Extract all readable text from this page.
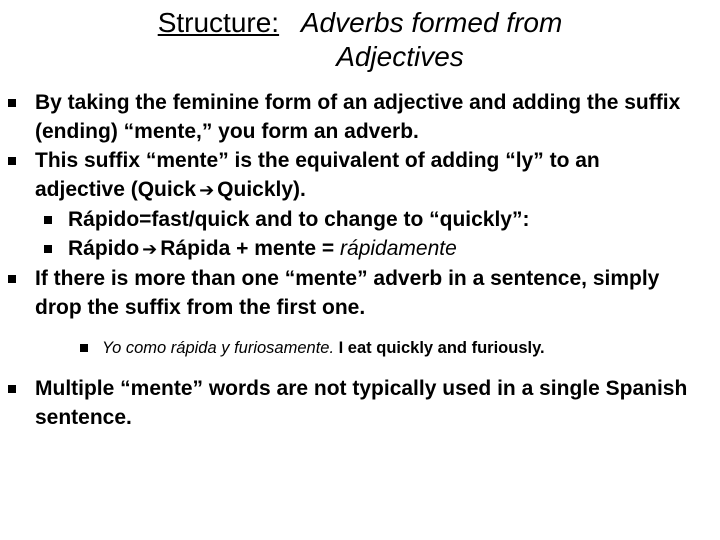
Structure: Adverbs formed from
Adjectives
By taking the feminine form of an adjective and adding the suffix (ending) “mente,” you form an adverb.
This suffix “mente” is the equivalent of adding “ly” to an adjective (Quick ➔ Quickly).
Rápido=fast/quick and to change to “quickly”:
Rápido ➔ Rápida + mente = rápidamente
If there is more than one “mente” adverb in a sentence, simply drop the suffix from the first one.
Yo como rápida y furiosamente. I eat quickly and furiously.
Multiple “mente” words are not typically used in a single Spanish sentence.
